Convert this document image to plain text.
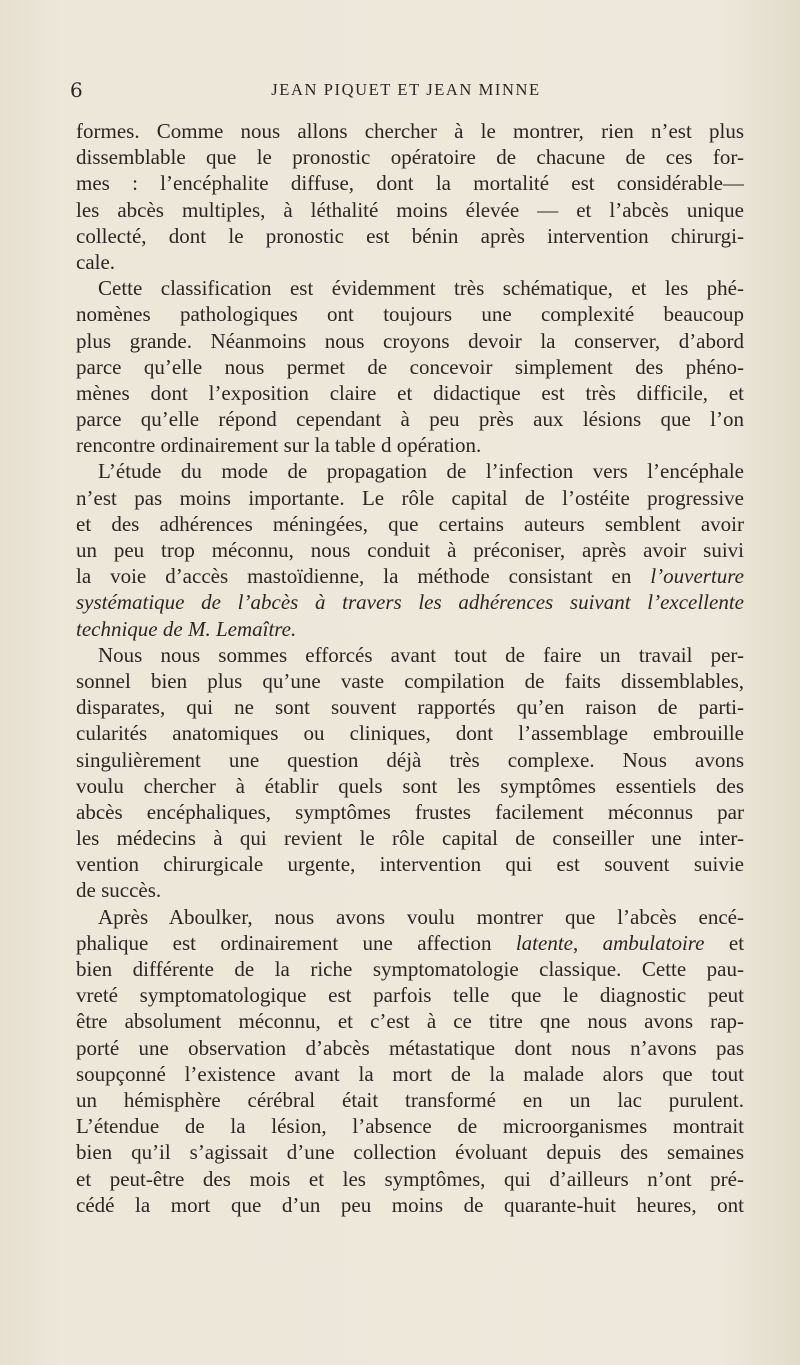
6	JEAN PIQUET ET JEAN MINNE

formes. Comme nous allons chercher à le montrer, rien n’est plus
dissemblable que le pronostic opératoire de chacune de ces for-
mes : l’encéphalite diffuse, dont la mortalité est considérable—
les abcès multiples, à léthalité moins élevée — et l’abcès unique
collecté, dont le pronostic est bénin après intervention chirurgi-
cale.

Cette classification est évidemment très schématique, et les phé-
nomènes pathologiques ont toujours une complexité beaucoup
plus grande. Néanmoins nous croyons devoir la conserver, d’abord
parce qu’elle nous permet de concevoir simplement des phéno-
mènes dont l’exposition claire et didactique est très difficile, et
parce qu’elle répond cependant à peu près aux lésions que l’on
rencontre ordinairement sur la table d opération.

L’étude du mode de propagation de l’infection vers l’encéphale
n’est pas moins importante. Le rôle capital de l’ostéite progressive
et des adhérences méningées, que certains auteurs semblent avoir
un peu trop méconnu, nous conduit à préconiser, après avoir suivi
la voie d’accès mastoïdienne, la méthode consistant en l’ouverture
systématique de l’abcès à travers les adhérences suivant l’excellente
technique de M. Lemaître.

Nous nous sommes efforcés avant tout de faire un travail per-
sonnel bien plus qu’une vaste compilation de faits dissemblables,
disparates, qui ne sont souvent rapportés qu’en raison de parti-
cularités anatomiques ou cliniques, dont l’assemblage embrouille
singulièrement une question déjà très complexe. Nous avons
voulu chercher à établir quels sont les symptômes essentiels des
abcès encéphaliques, symptômes frustes facilement méconnus par
les médecins à qui revient le rôle capital de conseiller une inter-
vention chirurgicale urgente, intervention qui est souvent suivie
de succès.

Après Aboulker, nous avons voulu montrer que l’abcès encé-
phalique est ordinairement une affection latente, ambulatoire et
bien différente de la riche symptomatologie classique. Cette pau-
vreté symptomatologique est parfois telle que le diagnostic peut
être absolument méconnu, et c’est à ce titre qne nous avons rap-
porté une observation d’abcès métastatique dont nous n’avons pas
soupçonné l’existence avant la mort de la malade alors que tout
un hémisphère cérébral était transformé en un lac purulent.
L’étendue de la lésion, l’absence de microorganismes montrait
bien qu’il s’agissait d’une collection évoluant depuis des semaines
et peut-être des mois et les symptômes, qui d’ailleurs n’ont pré-
cédé la mort que d’un peu moins de quarante-huit heures, ont
